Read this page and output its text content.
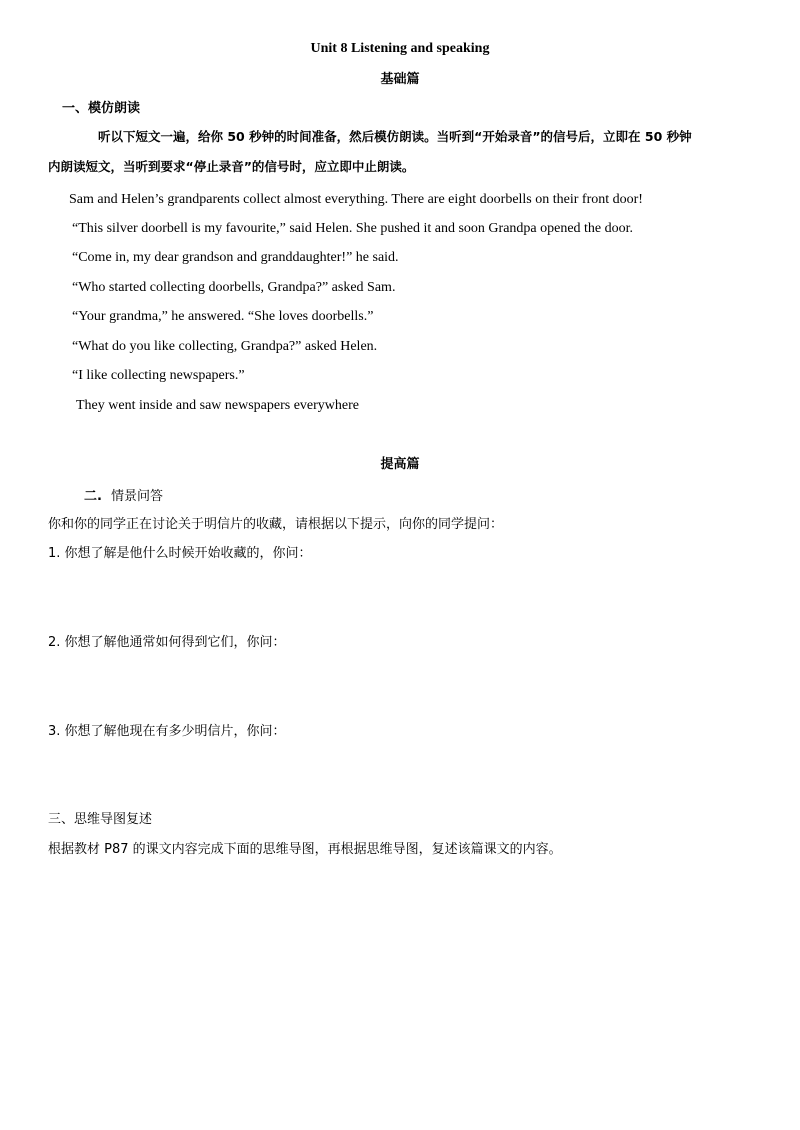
Unit 8 Listening and speaking
基础篇
一、模仿朗读
听以下短文一遍，给你 50 秒钟的时间准备，然后模仿朗读。当听到“开始录音”的信号后，立即在 50 秒钟
内朗读短文，当听到要求“停止录音”的信号时，应立即中止朗读。
Sam and Helen’s grandparents collect almost everything. There are eight doorbells on their front door!
“This silver doorbell is my favourite,” said Helen. She pushed it and soon Grandpa opened the door.
“Come in, my dear grandson and granddaughter!” he said.
“Who started collecting doorbells, Grandpa?” asked Sam.
“Your grandma,” he answered. “She loves doorbells.”
“What do you like collecting, Grandpa?” asked Helen.
“I like collecting newspapers.”
They went inside and saw newspapers everywhere
提高篇
二. 情景问答
你和你的同学正在讨论关于明信片的收藏，请根据以下提示，向你的同学提问：
1. 你想了解是他什么时候开始收藏的，你问：
2. 你想了解他通常如何得到它们，你问：
3. 你想了解他现在有多少明信片，你问：
三、思维导图复述
根据教材 P87 的课文内容完成下面的思维导图，再根据思维导图，复述该篇课文的内容。
